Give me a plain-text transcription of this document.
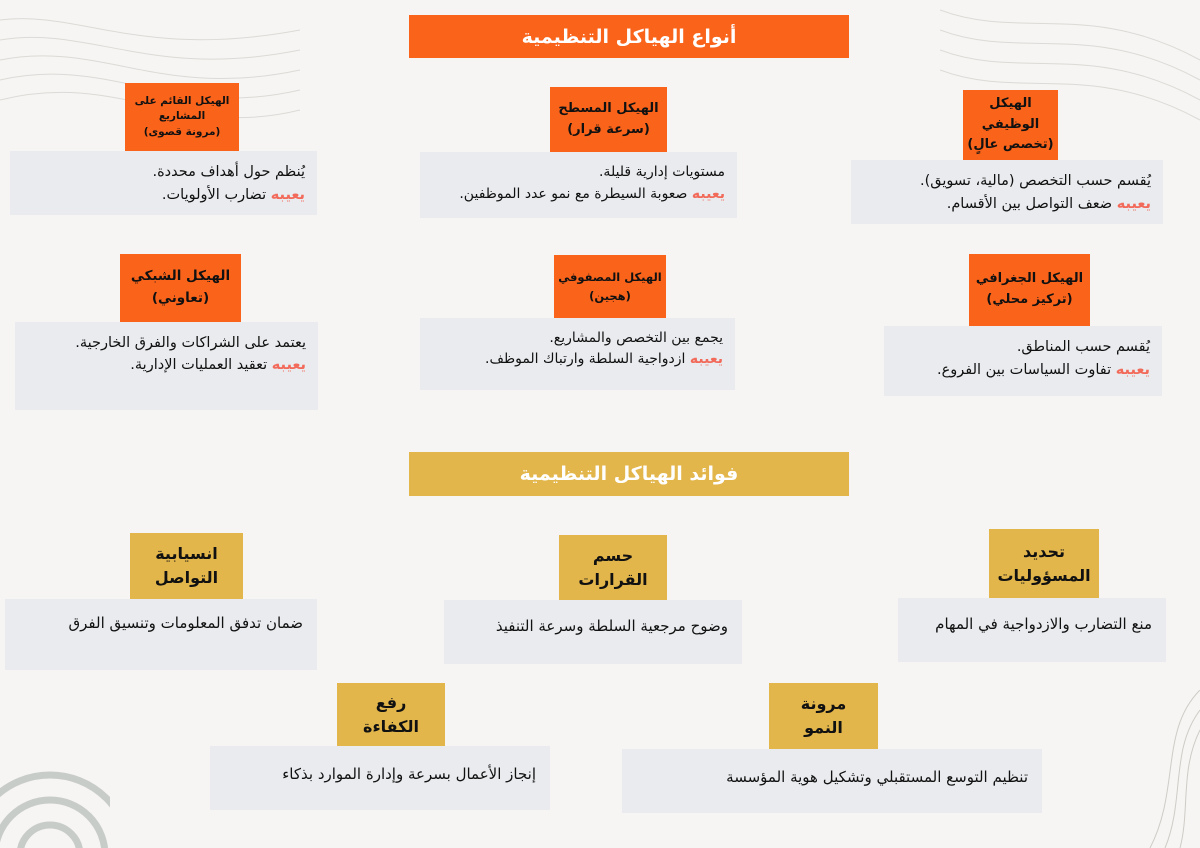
أنواع الهياكل التنظيمية
يُقسم حسب التخصص (مالية، تسويق).
يعيبه ضعف التواصل بين الأقسام.
الهيكل الوظيفي
(تخصص عالٍ)
مستويات إدارية قليلة.
يعيبه صعوبة السيطرة مع نمو عدد الموظفين.
الهيكل المسطح
(سرعة قرار)
يُنظم حول أهداف محددة.
يعيبه تضارب الأولويات.
الهيكل القائم على المشاريع
(مرونة قصوى)
يُقسم حسب المناطق.
يعيبه تفاوت السياسات بين الفروع.
الهيكل الجغرافي
(تركيز محلي)
يجمع بين التخصص والمشاريع.
يعيبه ازدواجية السلطة وارتباك الموظف.
الهيكل المصفوفي
(هجين)
يعتمد على الشراكات والفرق الخارجية.
يعيبه تعقيد العمليات الإدارية.
الهيكل الشبكي
(تعاوني)
فوائد الهياكل التنظيمية
منع التضارب والازدواجية في المهام
تحديد
المسؤوليات
وضوح مرجعية السلطة وسرعة التنفيذ
حسم
القرارات
ضمان تدفق المعلومات وتنسيق الفرق
انسيابية
التواصل
تنظيم التوسع المستقبلي وتشكيل هوية المؤسسة
مرونة
النمو
إنجاز الأعمال بسرعة وإدارة الموارد بذكاء
رفع
الكفاءة
